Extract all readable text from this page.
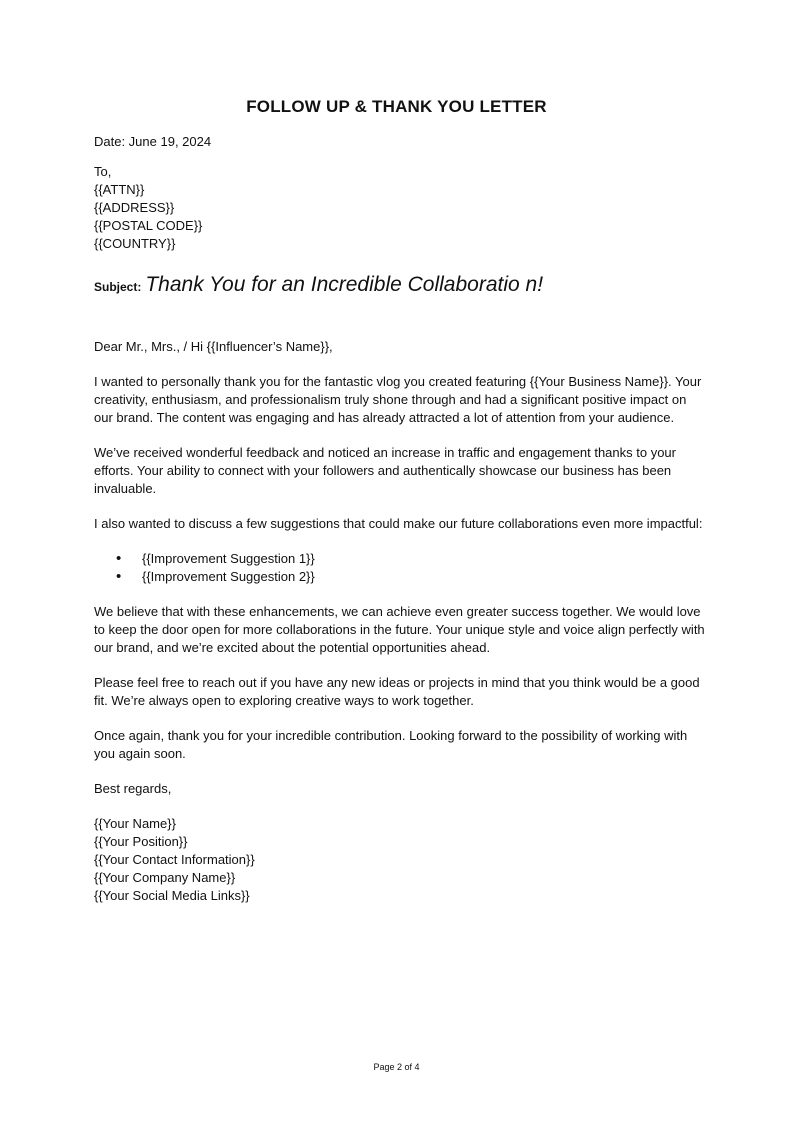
FOLLOW UP & THANK YOU LETTER
Date: June 19, 2024
To,
{{ATTN}}
{{ADDRESS}}
{{POSTAL CODE}}
{{COUNTRY}}
Subject: Thank You for an Incredible Collaboratio n!
Dear Mr., Mrs., / Hi {{Influencer’s Name}},
I wanted to personally thank you for the fantastic vlog you created featuring {{Your Business Name}}. Your creativity, enthusiasm, and professionalism truly shone through and had a significant positive impact on our brand. The content was engaging and has already attracted a lot of attention from your audience.
We’ve received wonderful feedback and noticed an increase in traffic and engagement thanks to your efforts. Your ability to connect with your followers and authentically showcase our business has been invaluable.
I also wanted to discuss a few suggestions that could make our future collaborations even more impactful:
• {{Improvement Suggestion 1}}
• {{Improvement Suggestion 2}}
We believe that with these enhancements, we can achieve even greater success together. We would love to keep the door open for more collaborations in the future. Your unique style and voice align perfectly with our brand, and we’re excited about the potential opportunities ahead.
Please feel free to reach out if you have any new ideas or projects in mind that you think would be a good fit. We’re always open to exploring creative ways to work together.
Once again, thank you for your incredible contribution. Looking forward to the possibility of working with you again soon.
Best regards,
{{Your Name}}
{{Your Position}}
{{Your Contact Information}}
{{Your Company Name}}
{{Your Social Media Links}}
Page 2 of 4
